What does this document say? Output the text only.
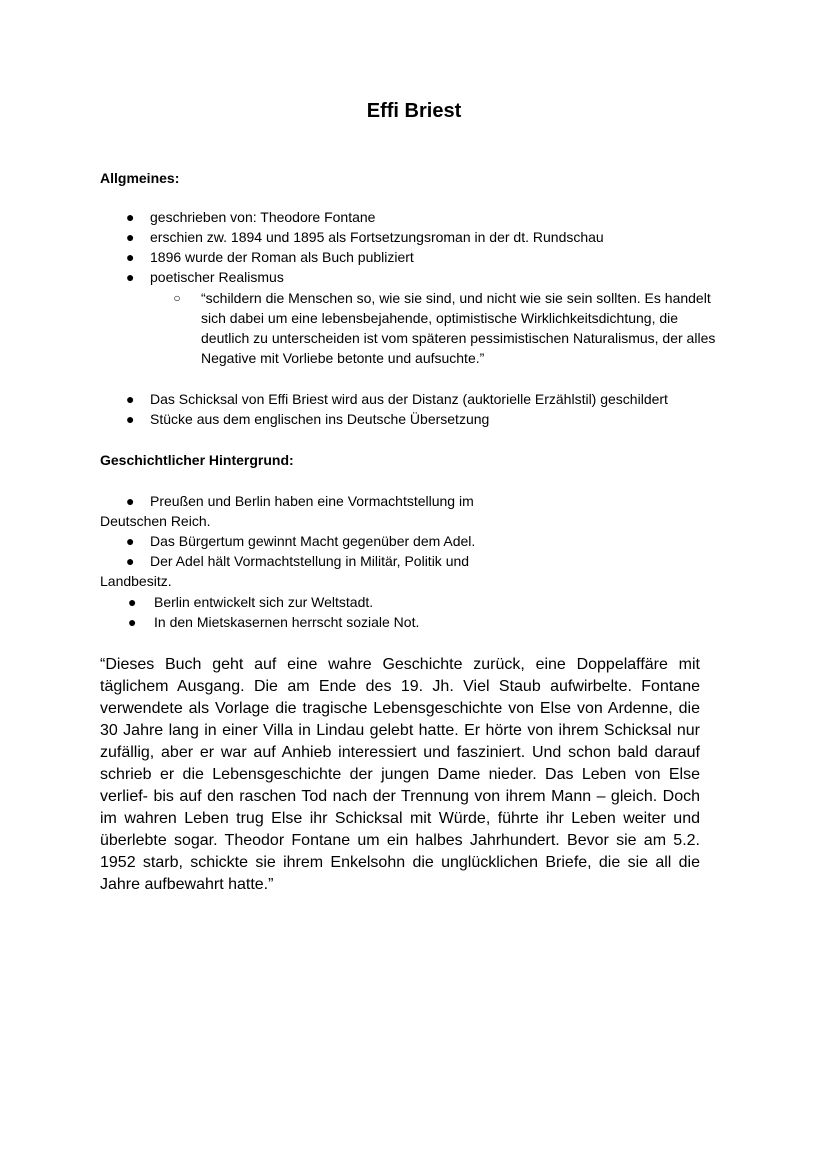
Effi Briest
Allgmeines:
● geschrieben von: Theodore Fontane
● erschien zw. 1894 und 1895 als Fortsetzungsroman in der dt. Rundschau
● 1896 wurde der Roman als Buch publiziert
● poetischer Realismus
○ “schildern die Menschen so, wie sie sind, und nicht wie sie sein sollten. Es handelt sich dabei um eine lebensbejahende, optimistische Wirklichkeitsdichtung, die deutlich zu unterscheiden ist vom späteren pessimistischen Naturalismus, der alles Negative mit Vorliebe betonte und aufsuchte.”

● Das Schicksal von Effi Briest wird aus der Distanz (auktorielle Erzählstil) geschildert
● Stücke aus dem englischen ins Deutsche Übersetzung
Geschichtlicher Hintergrund:
● Preußen und Berlin haben eine Vormachtstellung im
Deutschen Reich.
● Das Bürgertum gewinnt Macht gegenüber dem Adel.
● Der Adel hält Vormachtstellung in Militär, Politik und
Landbesitz.
● Berlin entwickelt sich zur Weltstadt.
● In den Mietskasernen herrscht soziale Not.

“Dieses Buch geht auf eine wahre Geschichte zurück, eine Doppelaffäre mit täglichem Ausgang. Die am Ende des 19. Jh. Viel Staub aufwirbelte. Fontane verwendete als Vorlage die tragische Lebensgeschichte von Else von Ardenne, die 30 Jahre lang in einer Villa in Lindau gelebt hatte. Er hörte von ihrem Schicksal nur zufällig, aber er war auf Anhieb interessiert und fasziniert. Und schon bald darauf schrieb er die Lebensgeschichte der jungen Dame nieder. Das Leben von Else verlief- bis auf den raschen Tod nach der Trennung von ihrem Mann – gleich. Doch im wahren Leben trug Else ihr Schicksal mit Würde, führte ihr Leben weiter und überlebte sogar. Theodor Fontane um ein halbes Jahrhundert. Bevor sie am 5.2. 1952 starb, schickte sie ihrem Enkelsohn die unglücklichen Briefe, die sie all die Jahre aufbewahrt hatte.”
